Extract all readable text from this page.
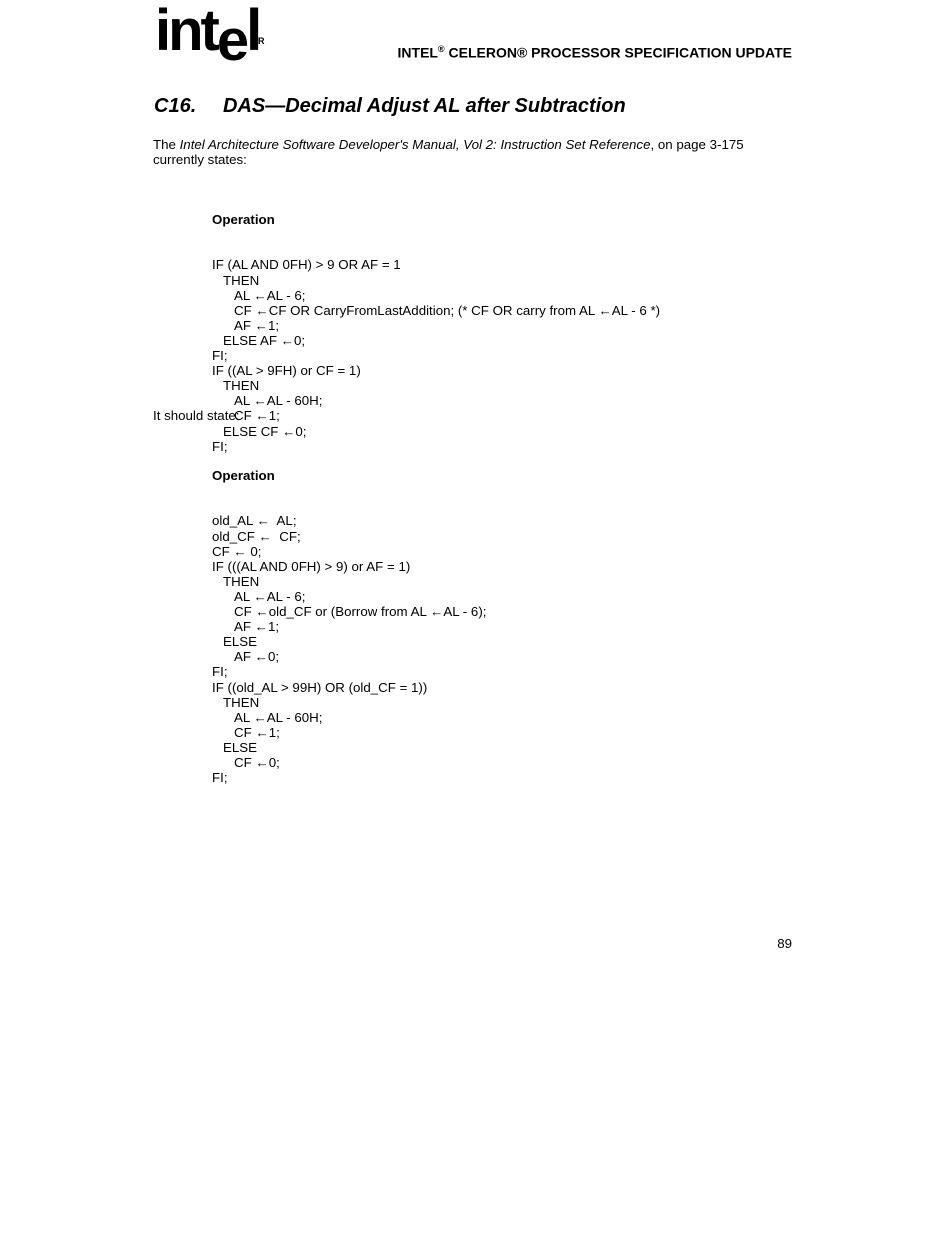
intel
R
INTEL® CELERON® PROCESSOR SPECIFICATION UPDATE
C16. DAS—Decimal Adjust AL after Subtraction
The Intel Architecture Software Developer's Manual, Vol 2: Instruction Set Reference, on page 3-175 currently states:

Operation

IF (AL AND 0FH) > 9 OR AF = 1
THEN
AL ←AL - 6;
CF ←CF OR CarryFromLastAddition; (* CF OR carry from AL ←AL - 6 *)
AF ←1;
ELSE AF ←0;
FI;
IF ((AL > 9FH) or CF = 1)
THEN
AL ←AL - 60H;
CF ←1;
ELSE CF ←0;
FI;

It should state:

Operation

old_AL ←  AL;
old_CF ←  CF;
CF ← 0;
IF (((AL AND 0FH) > 9) or AF = 1)
THEN
AL ←AL - 6;
CF ←old_CF or (Borrow from AL ←AL - 6);
AF ←1;
ELSE
AF ←0;
FI;
IF ((old_AL > 99H) OR (old_CF = 1))
THEN
AL ←AL - 60H;
CF ←1;
ELSE
CF ←0;
FI;

89
